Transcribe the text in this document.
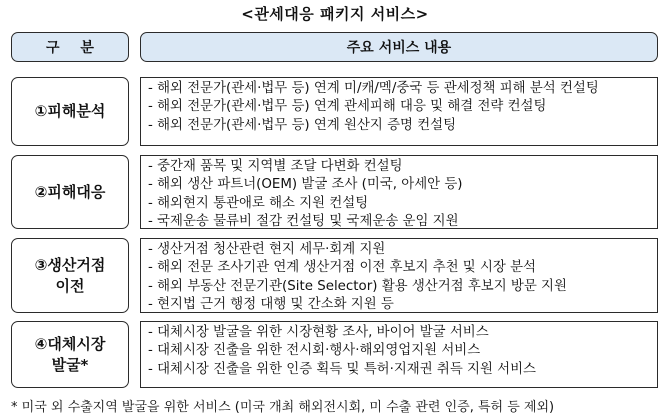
<관세대응 패키지 서비스>
구 분	주요 서비스 내용
①피해분석
- 해외 전문가(관세·법무 등) 연계 미/캐/멕/중국 등 관세정책 피해 분석 컨설팅
- 해외 전문가(관세·법무 등) 연계 관세피해 대응 및 해결 전략 컨설팅
- 해외 전문가(관세·법무 등) 연계 원산지 증명 컨설팅
②피해대응
- 중간재 품목 및 지역별 조달 다변화 컨설팅
- 해외 생산 파트너(OEM) 발굴 조사 (미국, 아세안 등)
- 해외현지 통관애로 해소 지원 컨설팅
- 국제운송 물류비 절감 컨설팅 및 국제운송 운임 지원
③생산거점
이전
- 생산거점 청산관련 현지 세무·회계 지원
- 해외 전문 조사기관 연계 생산거점 이전 후보지 추천 및 시장 분석
- 해외 부동산 전문기관(Site Selector) 활용 생산거점 후보지 방문 지원
- 현지법 근거 행정 대행 및 간소화 지원 등
④대체시장
발굴*
- 대체시장 발굴을 위한 시장현황 조사, 바이어 발굴 서비스
- 대체시장 진출을 위한 전시회·행사·해외영업지원 서비스
- 대체시장 진출을 위한 인증 획득 및 특허·지재권 취득 지원 서비스
* 미국 외 수출지역 발굴을 위한 서비스 (미국 개최 해외전시회, 미 수출 관련 인증, 특허 등 제외)
